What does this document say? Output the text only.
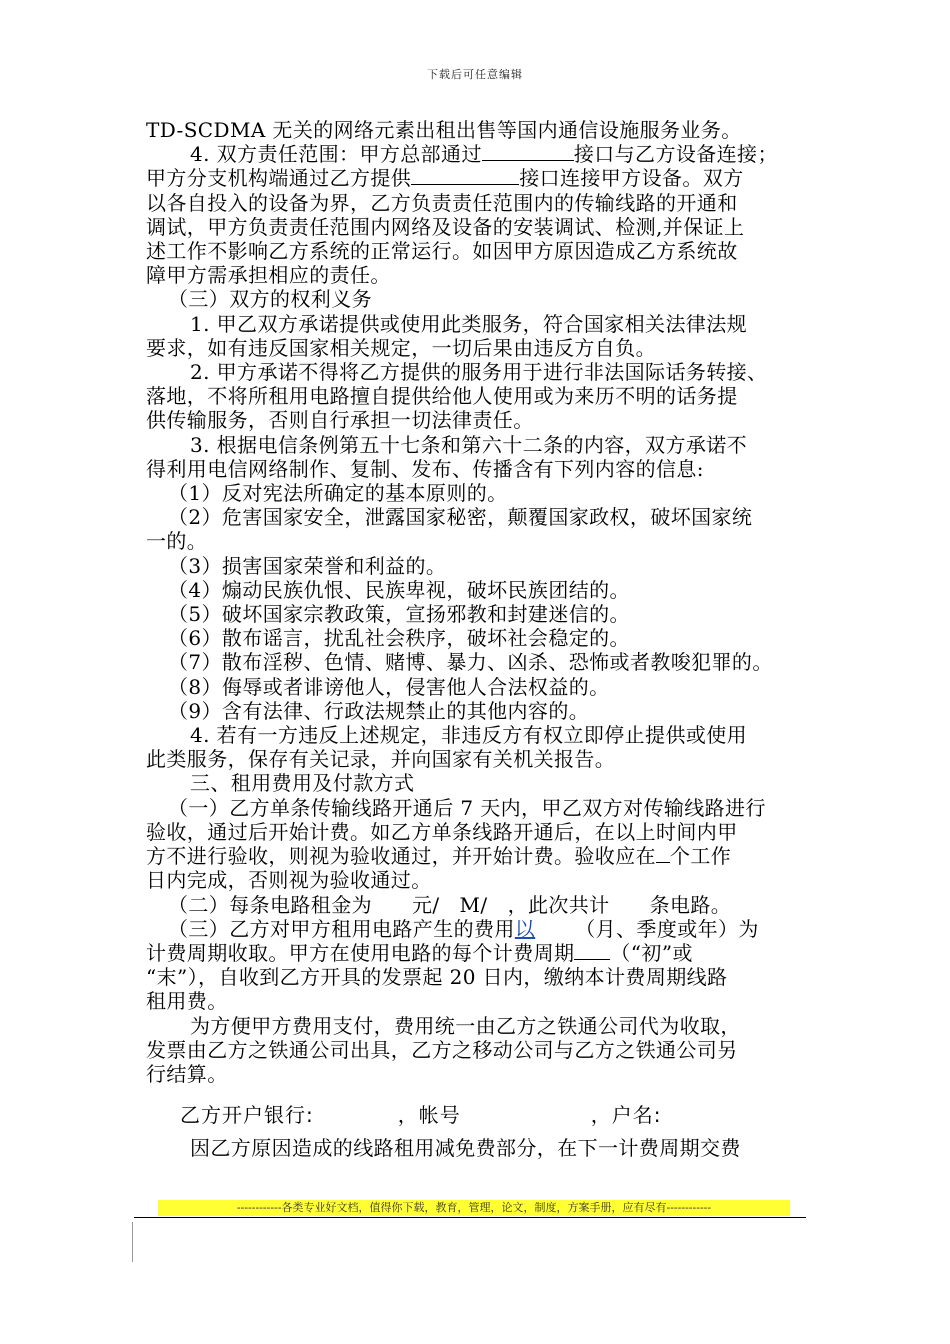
下载后可任意编辑
TD-SCDMA 无关的网络元素出租出售等国内通信设施服务业务。
4. 双方责任范围：甲方总部通过	接口与乙方设备连接；
甲方分支机构端通过乙方提供	接口连接甲方设备。双方
以各自投入的设备为界，乙方负责责任范围内的传输线路的开通和
调试，甲方负责责任范围内网络及设备的安装调试、检测,并保证上
述工作不影响乙方系统的正常运行。如因甲方原因造成乙方系统故
障甲方需承担相应的责任。
（三）双方的权利义务
1. 甲乙双方承诺提供或使用此类服务，符合国家相关法律法规
要求，如有违反国家相关规定，一切后果由违反方自负。
2. 甲方承诺不得将乙方提供的服务用于进行非法国际话务转接、
落地，不将所租用电路擅自提供给他人使用或为来历不明的话务提
供传输服务，否则自行承担一切法律责任。
3. 根据电信条例第五十七条和第六十二条的内容，双方承诺不
得利用电信网络制作、复制、发布、传播含有下列内容的信息:
（1）反对宪法所确定的基本原则的。
（2）危害国家安全，泄露国家秘密，颠覆国家政权，破坏国家统
一的。
（3）损害国家荣誉和利益的。
（4）煽动民族仇恨、民族卑视，破坏民族团结的。
（5）破坏国家宗教政策，宣扬邪教和封建迷信的。
（6）散布谣言，扰乱社会秩序，破坏社会稳定的。
（7）散布淫秽、色情、赌博、暴力、凶杀、恐怖或者教唆犯罪的。
（8）侮辱或者诽谤他人，侵害他人合法权益的。
（9）含有法律、行政法规禁止的其他内容的。
4. 若有一方违反上述规定，非违反方有权立即停止提供或使用
此类服务，保存有关记录，并向国家有关机关报告。
三、租用费用及付款方式
（一）乙方单条传输线路开通后 7 天内，甲乙双方对传输线路进行
验收，通过后开始计费。如乙方单条线路开通后，在以上时间内甲
方不进行验收，则视为验收通过，并开始计费。验收应在 个工作
日内完成，否则视为验收通过。
（二）每条电路租金为 元/ M/ ，此次共计 条电路。
（三）乙方对甲方租用电路产生的费用以 （月、季度或年）为
计费周期收取。甲方在使用电路的每个计费周期 （“初”或
“末”），自收到乙方开具的发票起 20 日内，缴纳本计费周期线路
租用费。
为方便甲方费用支付，费用统一由乙方之铁通公司代为收取，
发票由乙方之铁通公司出具，乙方之移动公司与乙方之铁通公司另
行结算。
乙方开户银行:	，帐号	，户名:
因乙方原因造成的线路租用减免费部分，在下一计费周期交费
------------各类专业好文档，值得你下载，教育，管理，论文，制度，方案手册，应有尽有------------
